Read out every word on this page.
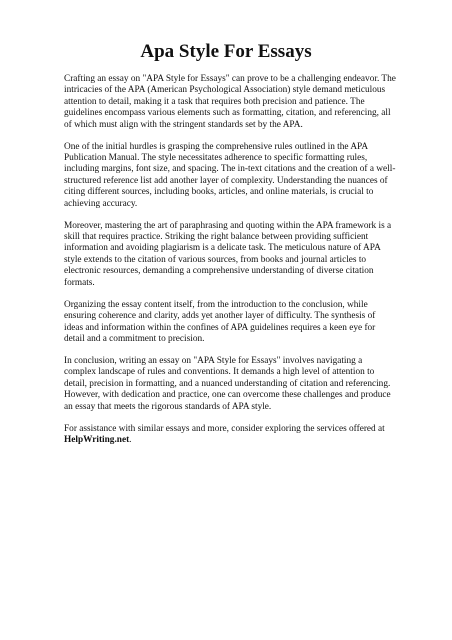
Apa Style For Essays

Crafting an essay on "APA Style for Essays" can prove to be a challenging endeavor. The intricacies of the APA (American Psychological Association) style demand meticulous attention to detail, making it a task that requires both precision and patience. The guidelines encompass various elements such as formatting, citation, and referencing, all of which must align with the stringent standards set by the APA.

One of the initial hurdles is grasping the comprehensive rules outlined in the APA Publication Manual. The style necessitates adherence to specific formatting rules, including margins, font size, and spacing. The in-text citations and the creation of a well-structured reference list add another layer of complexity. Understanding the nuances of citing different sources, including books, articles, and online materials, is crucial to achieving accuracy.

Moreover, mastering the art of paraphrasing and quoting within the APA framework is a skill that requires practice. Striking the right balance between providing sufficient information and avoiding plagiarism is a delicate task. The meticulous nature of APA style extends to the citation of various sources, from books and journal articles to electronic resources, demanding a comprehensive understanding of diverse citation formats.

Organizing the essay content itself, from the introduction to the conclusion, while ensuring coherence and clarity, adds yet another layer of difficulty. The synthesis of ideas and information within the confines of APA guidelines requires a keen eye for detail and a commitment to precision.

In conclusion, writing an essay on "APA Style for Essays" involves navigating a complex landscape of rules and conventions. It demands a high level of attention to detail, precision in formatting, and a nuanced understanding of citation and referencing. However, with dedication and practice, one can overcome these challenges and produce an essay that meets the rigorous standards of APA style.

For assistance with similar essays and more, consider exploring the services offered at HelpWriting.net.
